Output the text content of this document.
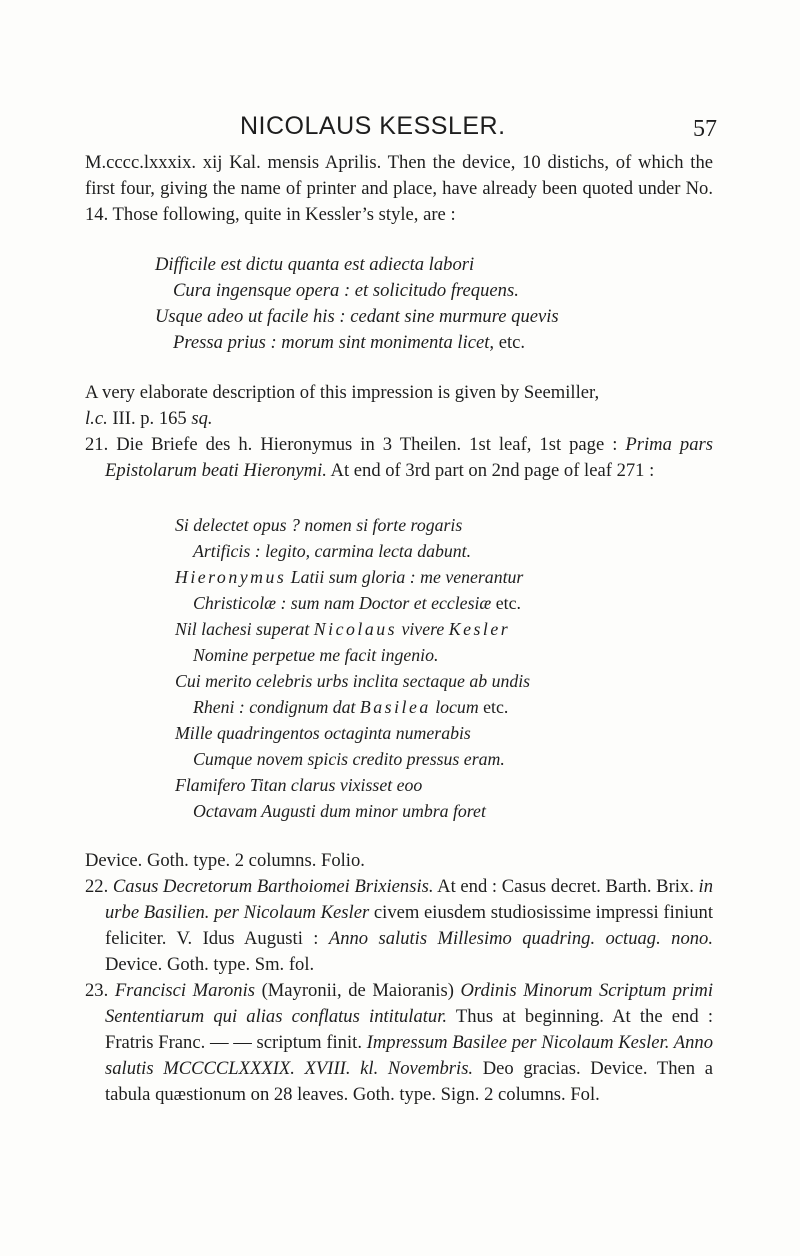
NICOLAUS KESSLER.	57

M.cccc.lxxxix. xij Kal. mensis Aprilis. Then the device, 10 distichs, of which the first four, giving the name of printer and place, have already been quoted under No. 14. Those following, quite in Kessler’s style, are :

Difficile est dictu quanta est adiecta labori
Cura ingensque opera : et solicitudo frequens.
Usque adeo ut facile his : cedant sine murmure quevis
Pressa prius : morum sint monimenta licet, etc.

A very elaborate description of this impression is given by Seemiller,
l.c. III. p. 165 sq.

21. Die Briefe des h. Hieronymus in 3 Theilen. 1st leaf, 1st page : Prima pars Epistolarum beati Hieronymi. At end of 3rd part on 2nd page of leaf 271 :

Si delectet opus ? nomen si forte rogaris
Artificis : legito, carmina lecta dabunt.
Hieronymus Latii sum gloria : me venerantur
Christicolæ : sum nam Doctor et ecclesiæ etc.
Nil lachesi superat Nicolaus vivere Kesler
Nomine perpetue me facit ingenio.
Cui merito celebris urbs inclita sectaque ab undis
Rheni : condignum dat Basilea locum etc.
Mille quadringentos octaginta numerabis
Cumque novem spicis credito pressus eram.
Flamifero Titan clarus vixisset eoo
Octavam Augusti dum minor umbra foret

Device. Goth. type. 2 columns. Folio.

22. Casus Decretorum Barthoiomei Brixiensis. At end : Casus decret. Barth. Brix. in urbe Basilien. per Nicolaum Kesler civem eiusdem studiosissime impressi finiunt feliciter. V. Idus Augusti : Anno salutis Millesimo quadring. octuag. nono. Device. Goth. type. Sm. fol.

23. Francisci Maronis (Mayronii, de Maioranis) Ordinis Minorum Scriptum primi Sententiarum qui alias conflatus intitulatur. Thus at beginning. At the end : Fratris Franc. — — scriptum finit. Impressum Basilee per Nicolaum Kesler. Anno salutis MCCCCLXXXIX. XVIII. kl. Novembris. Deo gracias. Device. Then a tabula quæstionum on 28 leaves. Goth. type. Sign. 2 columns. Fol.
